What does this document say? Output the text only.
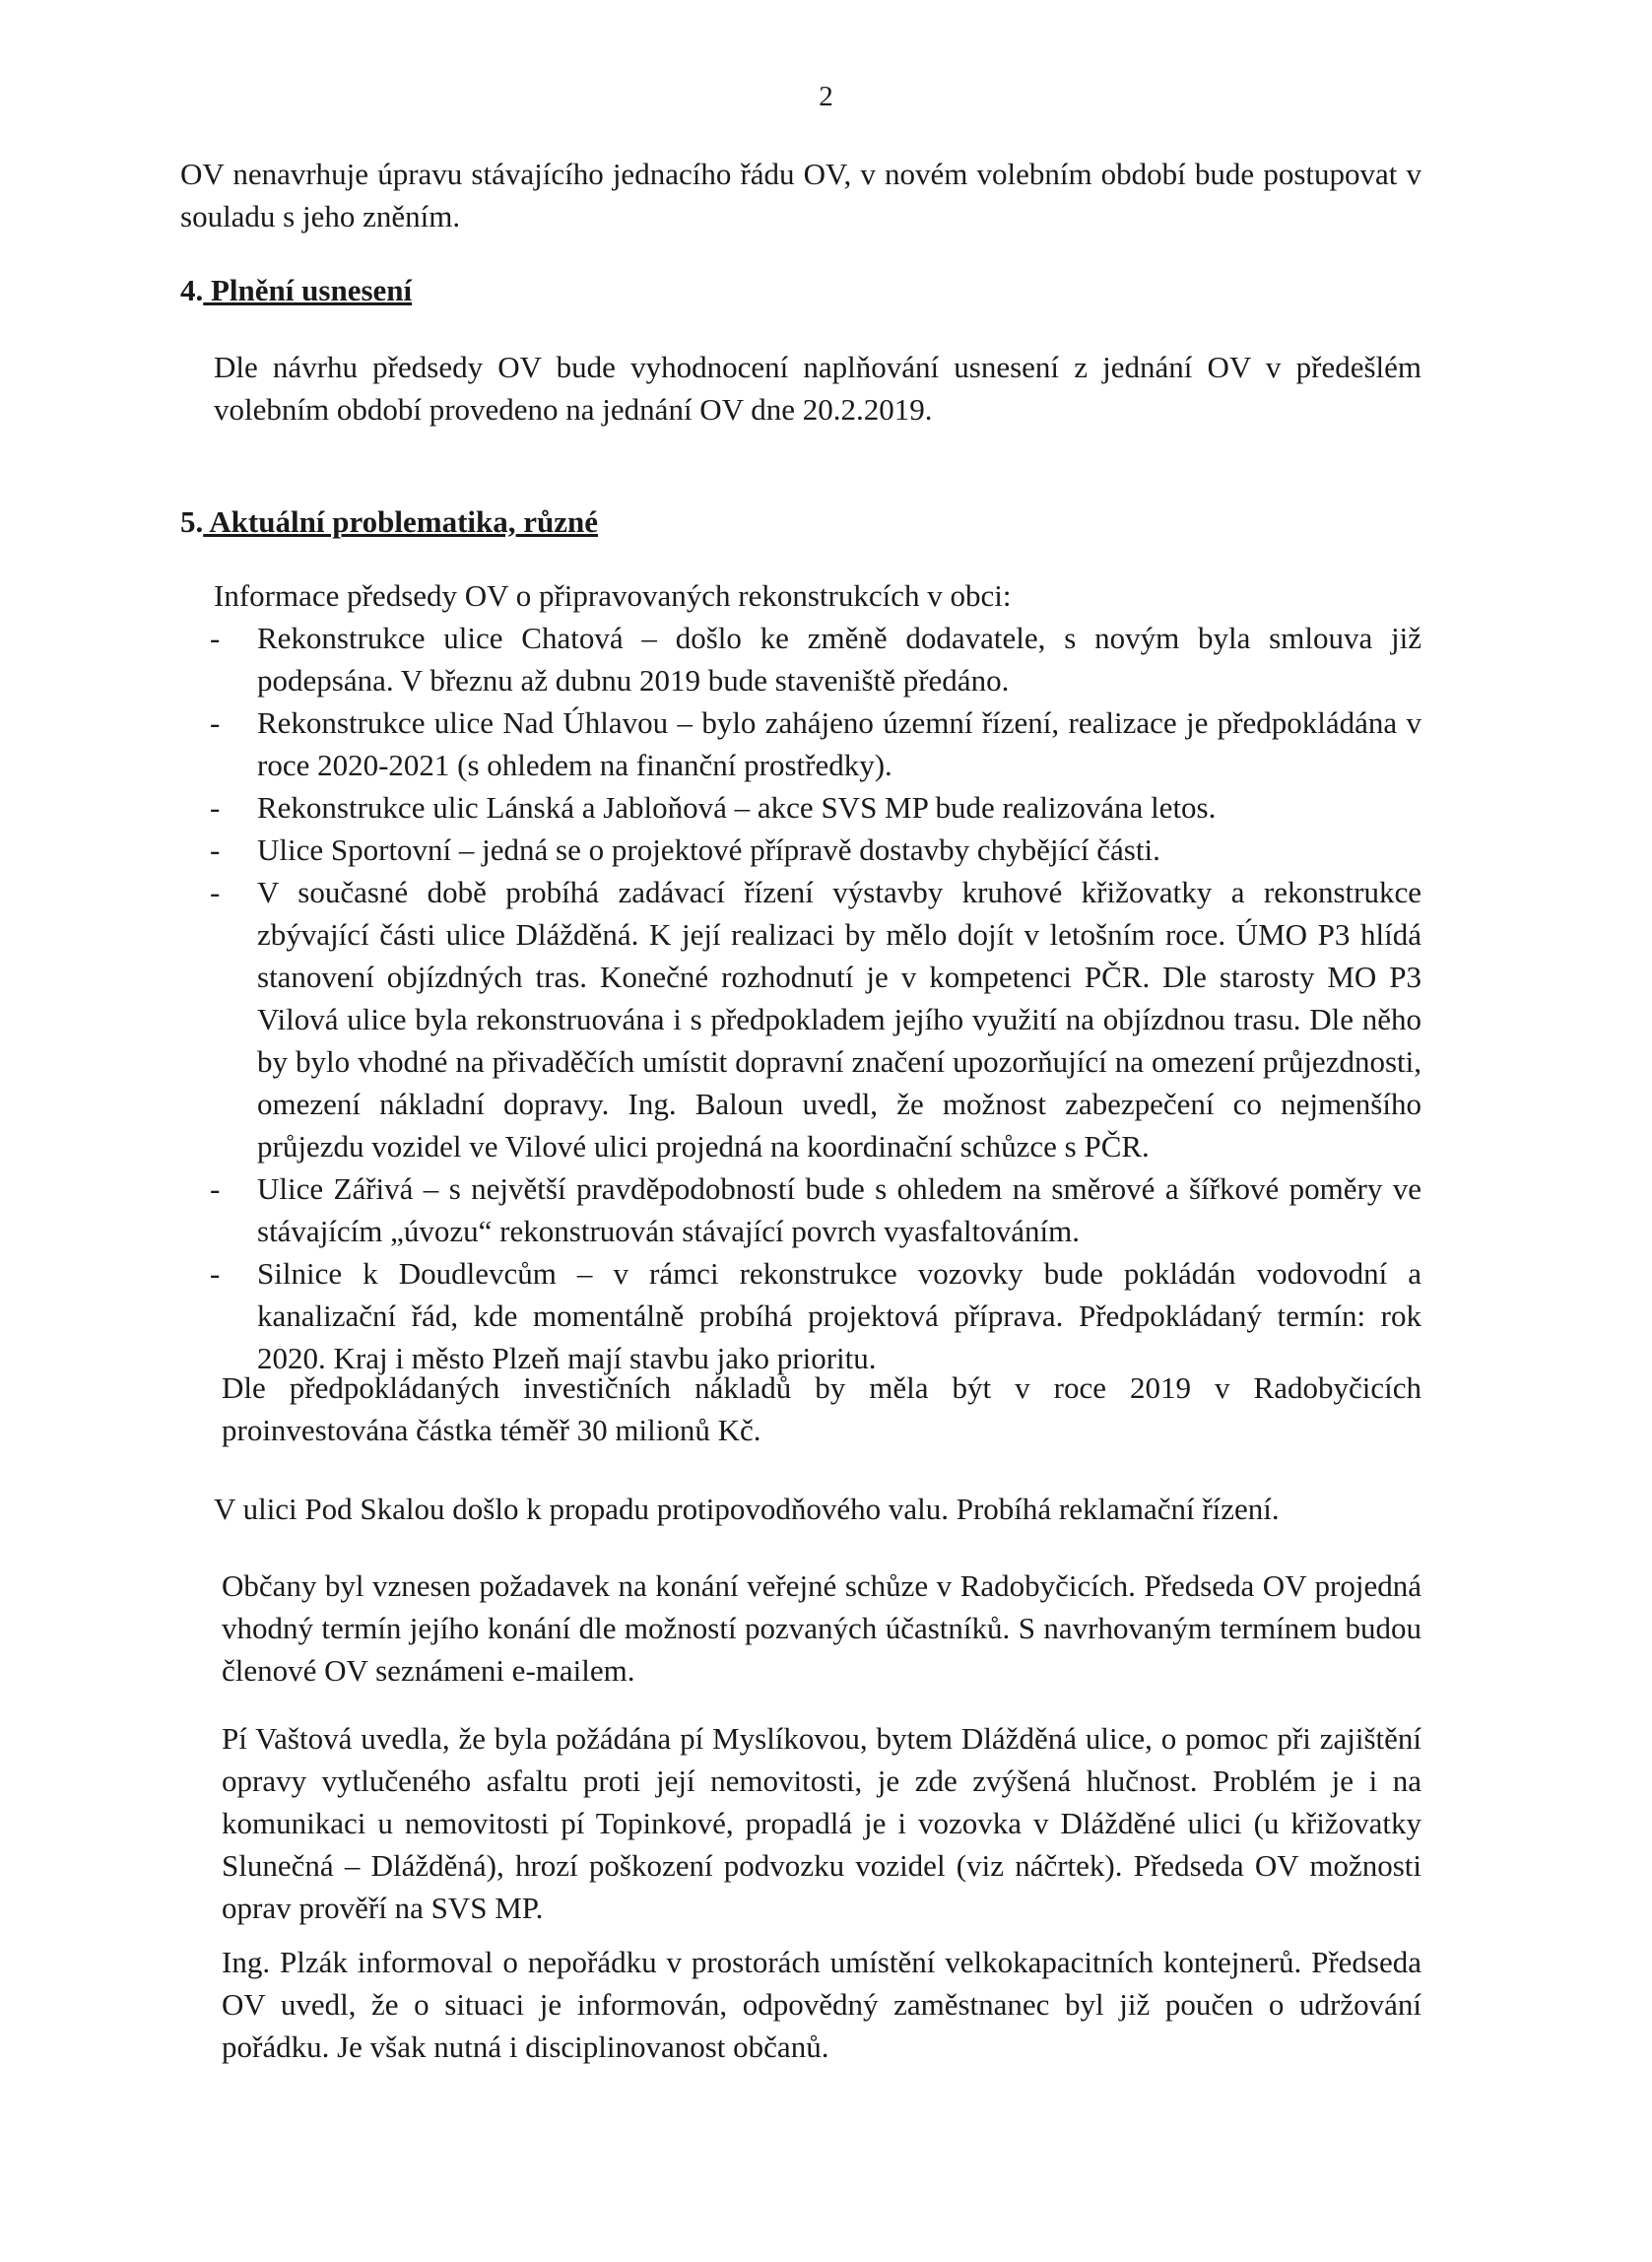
2

OV nenavrhuje úpravu stávajícího jednacího řádu OV, v novém volebním období bude postupovat v souladu s jeho zněním.

4. Plnění usnesení

Dle návrhu předsedy OV bude vyhodnocení naplňování usnesení z jednání OV v předešlém volebním období provedeno na jednání OV dne 20.2.2019.

5. Aktuální problematika, různé

Informace předsedy OV o připravovaných rekonstrukcích v obci:

- Rekonstrukce ulice Chatová – došlo ke změně dodavatele, s novým byla smlouva již podepsána. V březnu až dubnu 2019 bude staveniště předáno.
- Rekonstrukce ulice Nad Úhlavou – bylo zahájeno územní řízení, realizace je předpokládána v roce 2020-2021 (s ohledem na finanční prostředky).
- Rekonstrukce ulic Lánská a Jabloňová – akce SVS MP bude realizována letos.
- Ulice Sportovní – jedná se o projektové přípravě dostavby chybějící části.
- V současné době probíhá zadávací řízení výstavby kruhové křižovatky a rekonstrukce zbývající části ulice Dlážděná. K její realizaci by mělo dojít v letošním roce. ÚMO P3 hlídá stanovení objízdných tras. Konečné rozhodnutí je v kompetenci PČR. Dle starosty MO P3 Vilová ulice byla rekonstruována i s předpokladem jejího využití na objízdnou trasu. Dle něho by bylo vhodné na přivaděčích umístit dopravní značení upozorňující na omezení průjezdnosti, omezení nákladní dopravy. Ing. Baloun uvedl, že možnost zabezpečení co nejmenšího průjezdu vozidel ve Vilové ulici projedná na koordinační schůzce s PČR.
- Ulice Zářivá – s největší pravděpodobností bude s ohledem na směrové a šířkové poměry ve stávajícím „úvozu“ rekonstruován stávající povrch vyasfaltováním.
- Silnice k Doudlevcům – v rámci rekonstrukce vozovky bude pokládán vodovodní a kanalizační řád, kde momentálně probíhá projektová příprava. Předpokládaný termín: rok 2020. Kraj i město Plzeň mají stavbu jako prioritu.

Dle předpokládaných investičních nákladů by měla být v roce 2019 v Radobyčicích proinvestována částka téměř 30 milionů Kč.

V ulici Pod Skalou došlo k propadu protipovodňového valu. Probíhá reklamační řízení.

Občany byl vznesen požadavek na konání veřejné schůze v Radobyčicích. Předseda OV projedná vhodný termín jejího konání dle možností pozvaných účastníků. S navrhovaným termínem budou členové OV seznámeni e-mailem.

Pí Vaštová uvedla, že byla požádána pí Myslíkovou, bytem Dlážděná ulice, o pomoc při zajištění opravy vytlučeného asfaltu proti její nemovitosti, je zde zvýšená hlučnost. Problém je i na komunikaci u nemovitosti pí Topinkové, propadlá je i vozovka v Dlážděné ulici (u křižovatky Slunečná – Dlážděná), hrozí poškození podvozku vozidel (viz náčrtek). Předseda OV možnosti oprav prověří na SVS MP.

Ing. Plzák informoval o nepořádku v prostorách umístění velkokapacitních kontejnerů. Předseda OV uvedl, že o situaci je informován, odpovědný zaměstnanec byl již poučen o udržování pořádku. Je však nutná i disciplinovanost občanů.
